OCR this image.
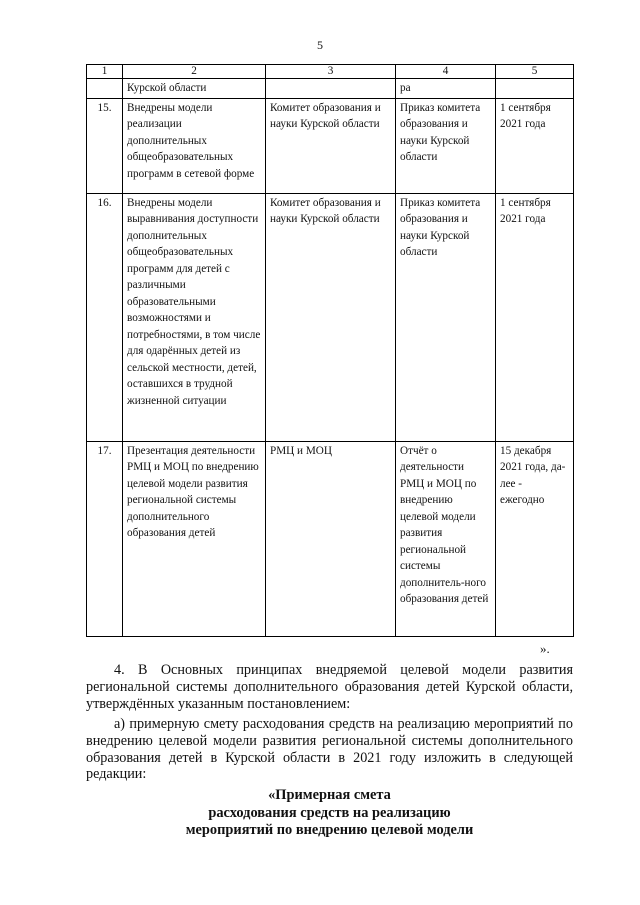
5
1	2	3	4	5
	Курской области		ра	
15.	Внедрены модели реализации дополнительных общеобразовательных программ в сетевой форме	Комитет образования и науки Курской области	Приказ комитета образования и науки Курской области	1 сентября 2021 года
16.	Внедрены модели выравнивания доступности дополнительных общеобразовательных программ для детей с различными образовательными возможностями и потребностями, в том числе для одарённых детей из сельской местности, детей, оставшихся в трудной жизненной ситуации	Комитет образования и науки Курской области	Приказ комитета образования и науки Курской области	1 сентября 2021 года
17.	Презентация деятельности РМЦ и МОЦ по внедрению целевой модели развития региональной системы дополнительного образования детей	РМЦ и МОЦ	Отчёт о деятельности РМЦ и МОЦ по внедрению целевой модели развития региональной системы дополнитель-ного образования детей	15 декабря 2021 года, да-лее - ежегодно
».

4. В Основных принципах внедряемой целевой модели развития региональной системы дополнительного образования детей Курской области, утверждённых указанным постановлением:

а) примерную смету расходования средств на реализацию мероприятий по внедрению целевой модели развития региональной системы дополнительного образования детей в Курской области в 2021 году изложить в следующей редакции:

«Примерная смета
расходования средств на реализацию
мероприятий по внедрению целевой модели
